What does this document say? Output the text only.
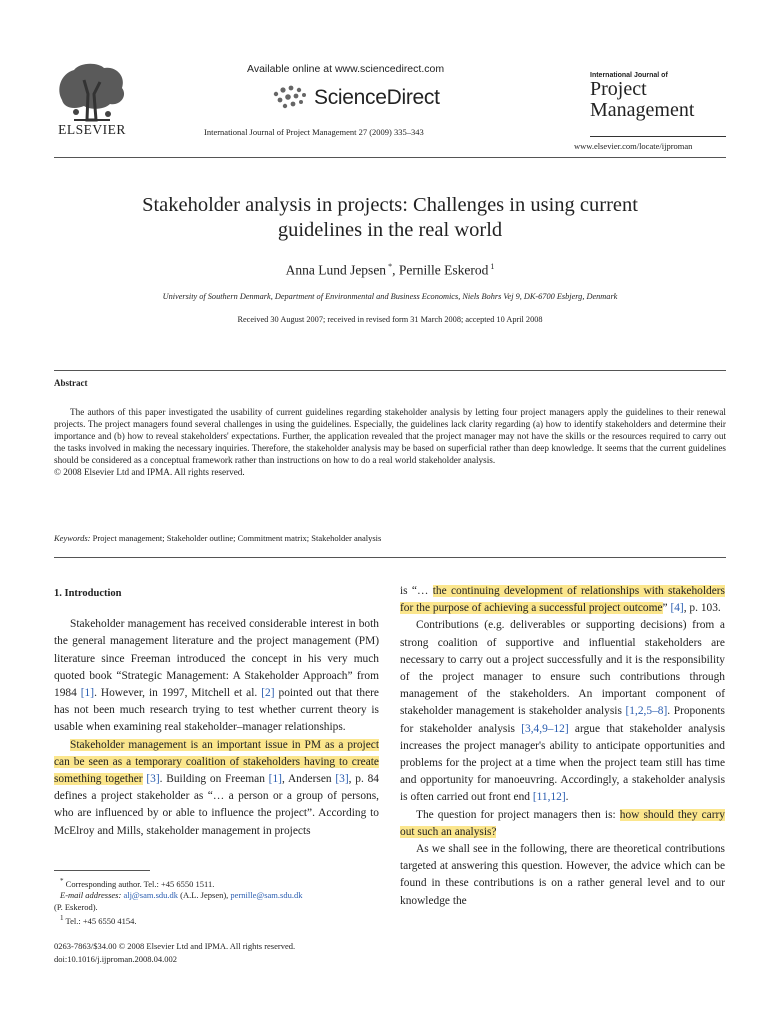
ELSEVIER
Available online at www.sciencedirect.com
ScienceDirect
International Journal of Project Management 27 (2009) 335–343
International Journal of
Project
Management
www.elsevier.com/locate/ijproman
Stakeholder analysis in projects: Challenges in using current
guidelines in the real world
Anna Lund Jepsen *, Pernille Eskerod $^1$
University of Southern Denmark, Department of Environmental and Business Economics, Niels Bohrs Vej 9, DK-6700 Esbjerg, Denmark
Received 30 August 2007; received in revised form 31 March 2008; accepted 10 April 2008
Abstract
The authors of this paper investigated the usability of current guidelines regarding stakeholder analysis by letting four project managers apply the guidelines to their renewal projects. The project managers found several challenges in using the guidelines. Especially, the guidelines lack clarity regarding (a) how to identify stakeholders and determine their importance and (b) how to reveal stakeholders' expectations. Further, the application revealed that the project manager may not have the skills or the resources required to carry out the tasks involved in making the necessary inquiries. Therefore, the stakeholder analysis may be based on superficial rather than deep knowledge. It seems that the current guidelines should be considered as a conceptual framework rather than instructions on how to do a real world stakeholder analysis.
© 2008 Elsevier Ltd and IPMA. All rights reserved.
Keywords: Project management; Stakeholder outline; Commitment matrix; Stakeholder analysis
1. Introduction
Stakeholder management has received considerable interest in both the general management literature and the project management (PM) literature since Freeman introduced the concept in his very much quoted book “Strategic Management: A Stakeholder Approach” from 1984 [1]. However, in 1997, Mitchell et al. [2] pointed out that there has not been much research trying to test whether current theory is usable when examining real stakeholder–manager relationships.
Stakeholder management is an important issue in PM as a project can be seen as a temporary coalition of stakeholders having to create something together [3]. Building on Freeman [1], Andersen [3], p. 84 defines a project stakeholder as “… a person or a group of persons, who are influenced by or able to influence the project”. According to McElroy and Mills, stakeholder management in projects
is “… the continuing development of relationships with stakeholders for the purpose of achieving a successful project outcome” [4], p. 103.
Contributions (e.g. deliverables or supporting decisions) from a strong coalition of supportive and influential stakeholders are necessary to carry out a project successfully and it is the responsibility of the project manager to ensure such contributions through management of the stakeholders. An important component of stakeholder management is stakeholder analysis [1,2,5–8]. Proponents for stakeholder analysis [3,4,9–12] argue that stakeholder analysis increases the project manager's ability to anticipate opportunities and problems for the project at a time when the project team still has time and opportunity for manoeuvring. Accordingly, a stakeholder analysis is often carried out front end [11,12].
The question for project managers then is: how should they carry out such an analysis?
As we shall see in the following, there are theoretical contributions targeted at answering this question. However, the advice which can be found in these contributions is on a rather general level and to our knowledge the
* Corresponding author. Tel.: +45 6550 1511.
E-mail addresses: alj@sam.sdu.dk (A.L. Jepsen), pernille@sam.sdu.dk
(P. Eskerod).
$^1$ Tel.: +45 6550 4154.
0263-7863/$34.00 © 2008 Elsevier Ltd and IPMA. All rights reserved.
doi:10.1016/j.ijproman.2008.04.002
